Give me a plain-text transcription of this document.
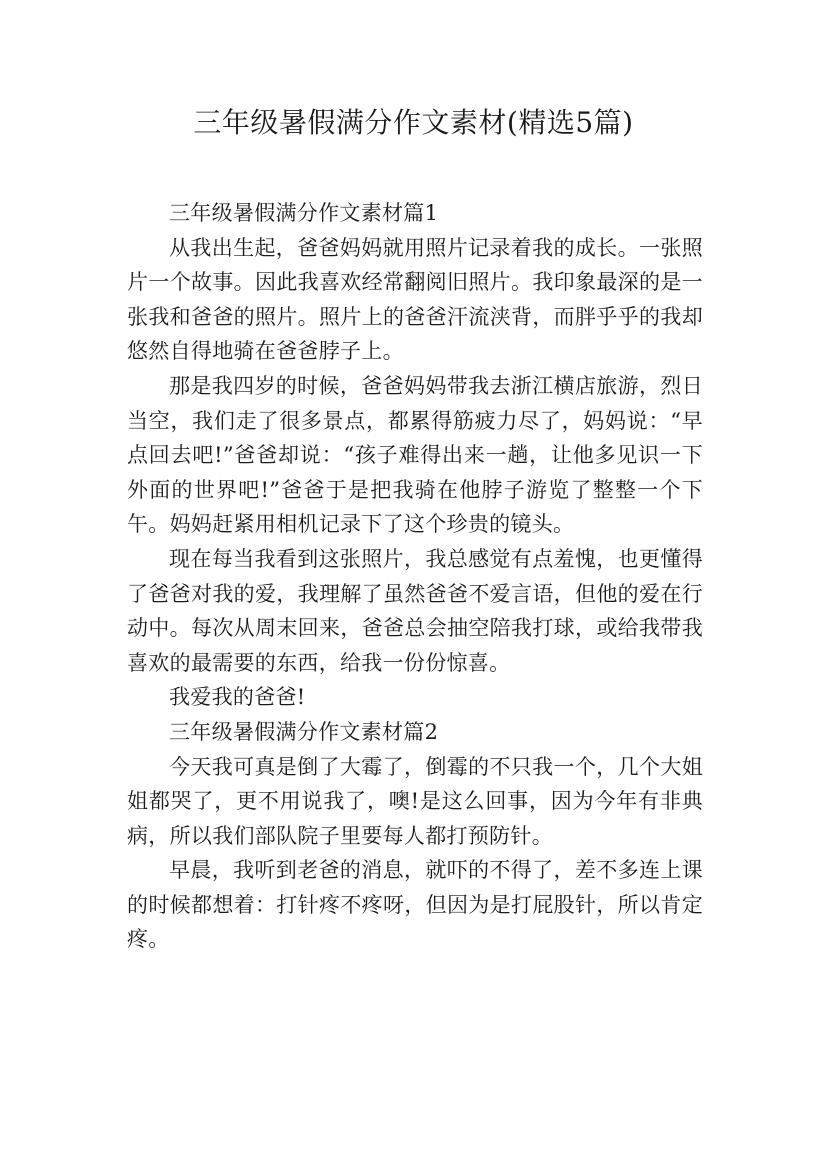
三年级暑假满分作文素材(精选5篇)

三年级暑假满分作文素材篇1

从我出生起，爸爸妈妈就用照片记录着我的成长。一张照片一个故事。因此我喜欢经常翻阅旧照片。我印象最深的是一张我和爸爸的照片。照片上的爸爸汗流浃背，而胖乎乎的我却悠然自得地骑在爸爸脖子上。

那是我四岁的时候，爸爸妈妈带我去浙江横店旅游，烈日当空，我们走了很多景点，都累得筋疲力尽了，妈妈说：“早点回去吧!”爸爸却说：“孩子难得出来一趟，让他多见识一下外面的世界吧!”爸爸于是把我骑在他脖子游览了整整一个下午。妈妈赶紧用相机记录下了这个珍贵的镜头。

现在每当我看到这张照片，我总感觉有点羞愧，也更懂得了爸爸对我的爱，我理解了虽然爸爸不爱言语，但他的爱在行动中。每次从周末回来，爸爸总会抽空陪我打球，或给我带我喜欢的最需要的东西，给我一份份惊喜。

我爱我的爸爸!

三年级暑假满分作文素材篇2

今天我可真是倒了大霉了，倒霉的不只我一个，几个大姐姐都哭了，更不用说我了，噢!是这么回事，因为今年有非典病，所以我们部队院子里要每人都打预防针。

早晨，我听到老爸的消息，就吓的不得了，差不多连上课的时候都想着：打针疼不疼呀，但因为是打屁股针，所以肯定疼。
